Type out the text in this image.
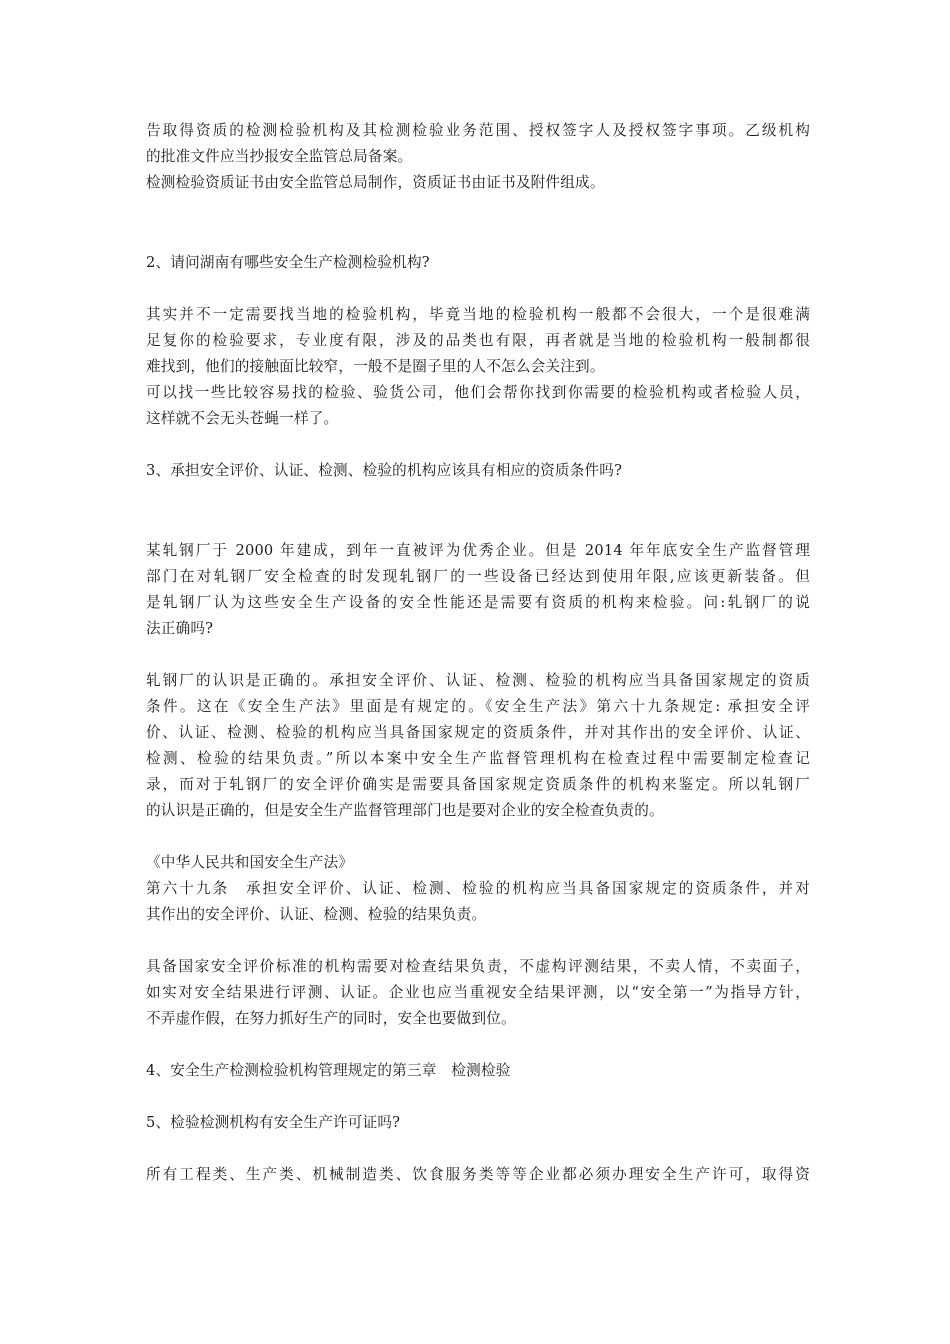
告取得资质的检测检验机构及其检测检验业务范围、授权签字人及授权签字事项。乙级机构
的批准文件应当抄报安全监管总局备案。
检测检验资质证书由安全监管总局制作，资质证书由证书及附件组成。
2、请问湖南有哪些安全生产检测检验机构?
其实并不一定需要找当地的检验机构，毕竟当地的检验机构一般都不会很大，一个是很难满
足复你的检验要求，专业度有限，涉及的品类也有限，再者就是当地的检验机构一般制都很
难找到，他们的接触面比较窄，一般不是圈子里的人不怎么会关注到。
可以找一些比较容易找的检验、验货公司，他们会帮你找到你需要的检验机构或者检验人员，
这样就不会无头苍蝇一样了。
3、承担安全评价、认证、检测、检验的机构应该具有相应的资质条件吗?
某轧钢厂于 2000 年建成，到年一直被评为优秀企业。但是 2014 年年底安全生产监督管理
部门在对轧钢厂安全检查的时发现轧钢厂的一些设备已经达到使用年限,应该更新装备。但
是轧钢厂认为这些安全生产设备的安全性能还是需要有资质的机构来检验。问:轧钢厂的说
法正确吗?
轧钢厂的认识是正确的。承担安全评价、认证、检测、检验的机构应当具备国家规定的资质
条件。这在《安全生产法》里面是有规定的。《安全生产法》第六十九条规定: 承担安全评
价、认证、检测、检验的机构应当具备国家规定的资质条件，并对其作出的安全评价、认证、
检测、检验的结果负责。”所以本案中安全生产监督管理机构在检查过程中需要制定检查记
录，而对于轧钢厂的安全评价确实是需要具备国家规定资质条件的机构来鉴定。所以轧钢厂
的认识是正确的，但是安全生产监督管理部门也是要对企业的安全检查负责的。
《中华人民共和国安全生产法》
第六十九条　承担安全评价、认证、检测、检验的机构应当具备国家规定的资质条件，并对
其作出的安全评价、认证、检测、检验的结果负责。
具备国家安全评价标准的机构需要对检查结果负责，不虚构评测结果，不卖人情，不卖面子，
如实对安全结果进行评测、认证。企业也应当重视安全结果评测，以“安全第一”为指导方针，
不弄虚作假，在努力抓好生产的同时，安全也要做到位。
4、安全生产检测检验机构管理规定的第三章　检测检验
5、检验检测机构有安全生产许可证吗?
所有工程类、生产类、机械制造类、饮食服务类等等企业都必须办理安全生产许可，取得资
